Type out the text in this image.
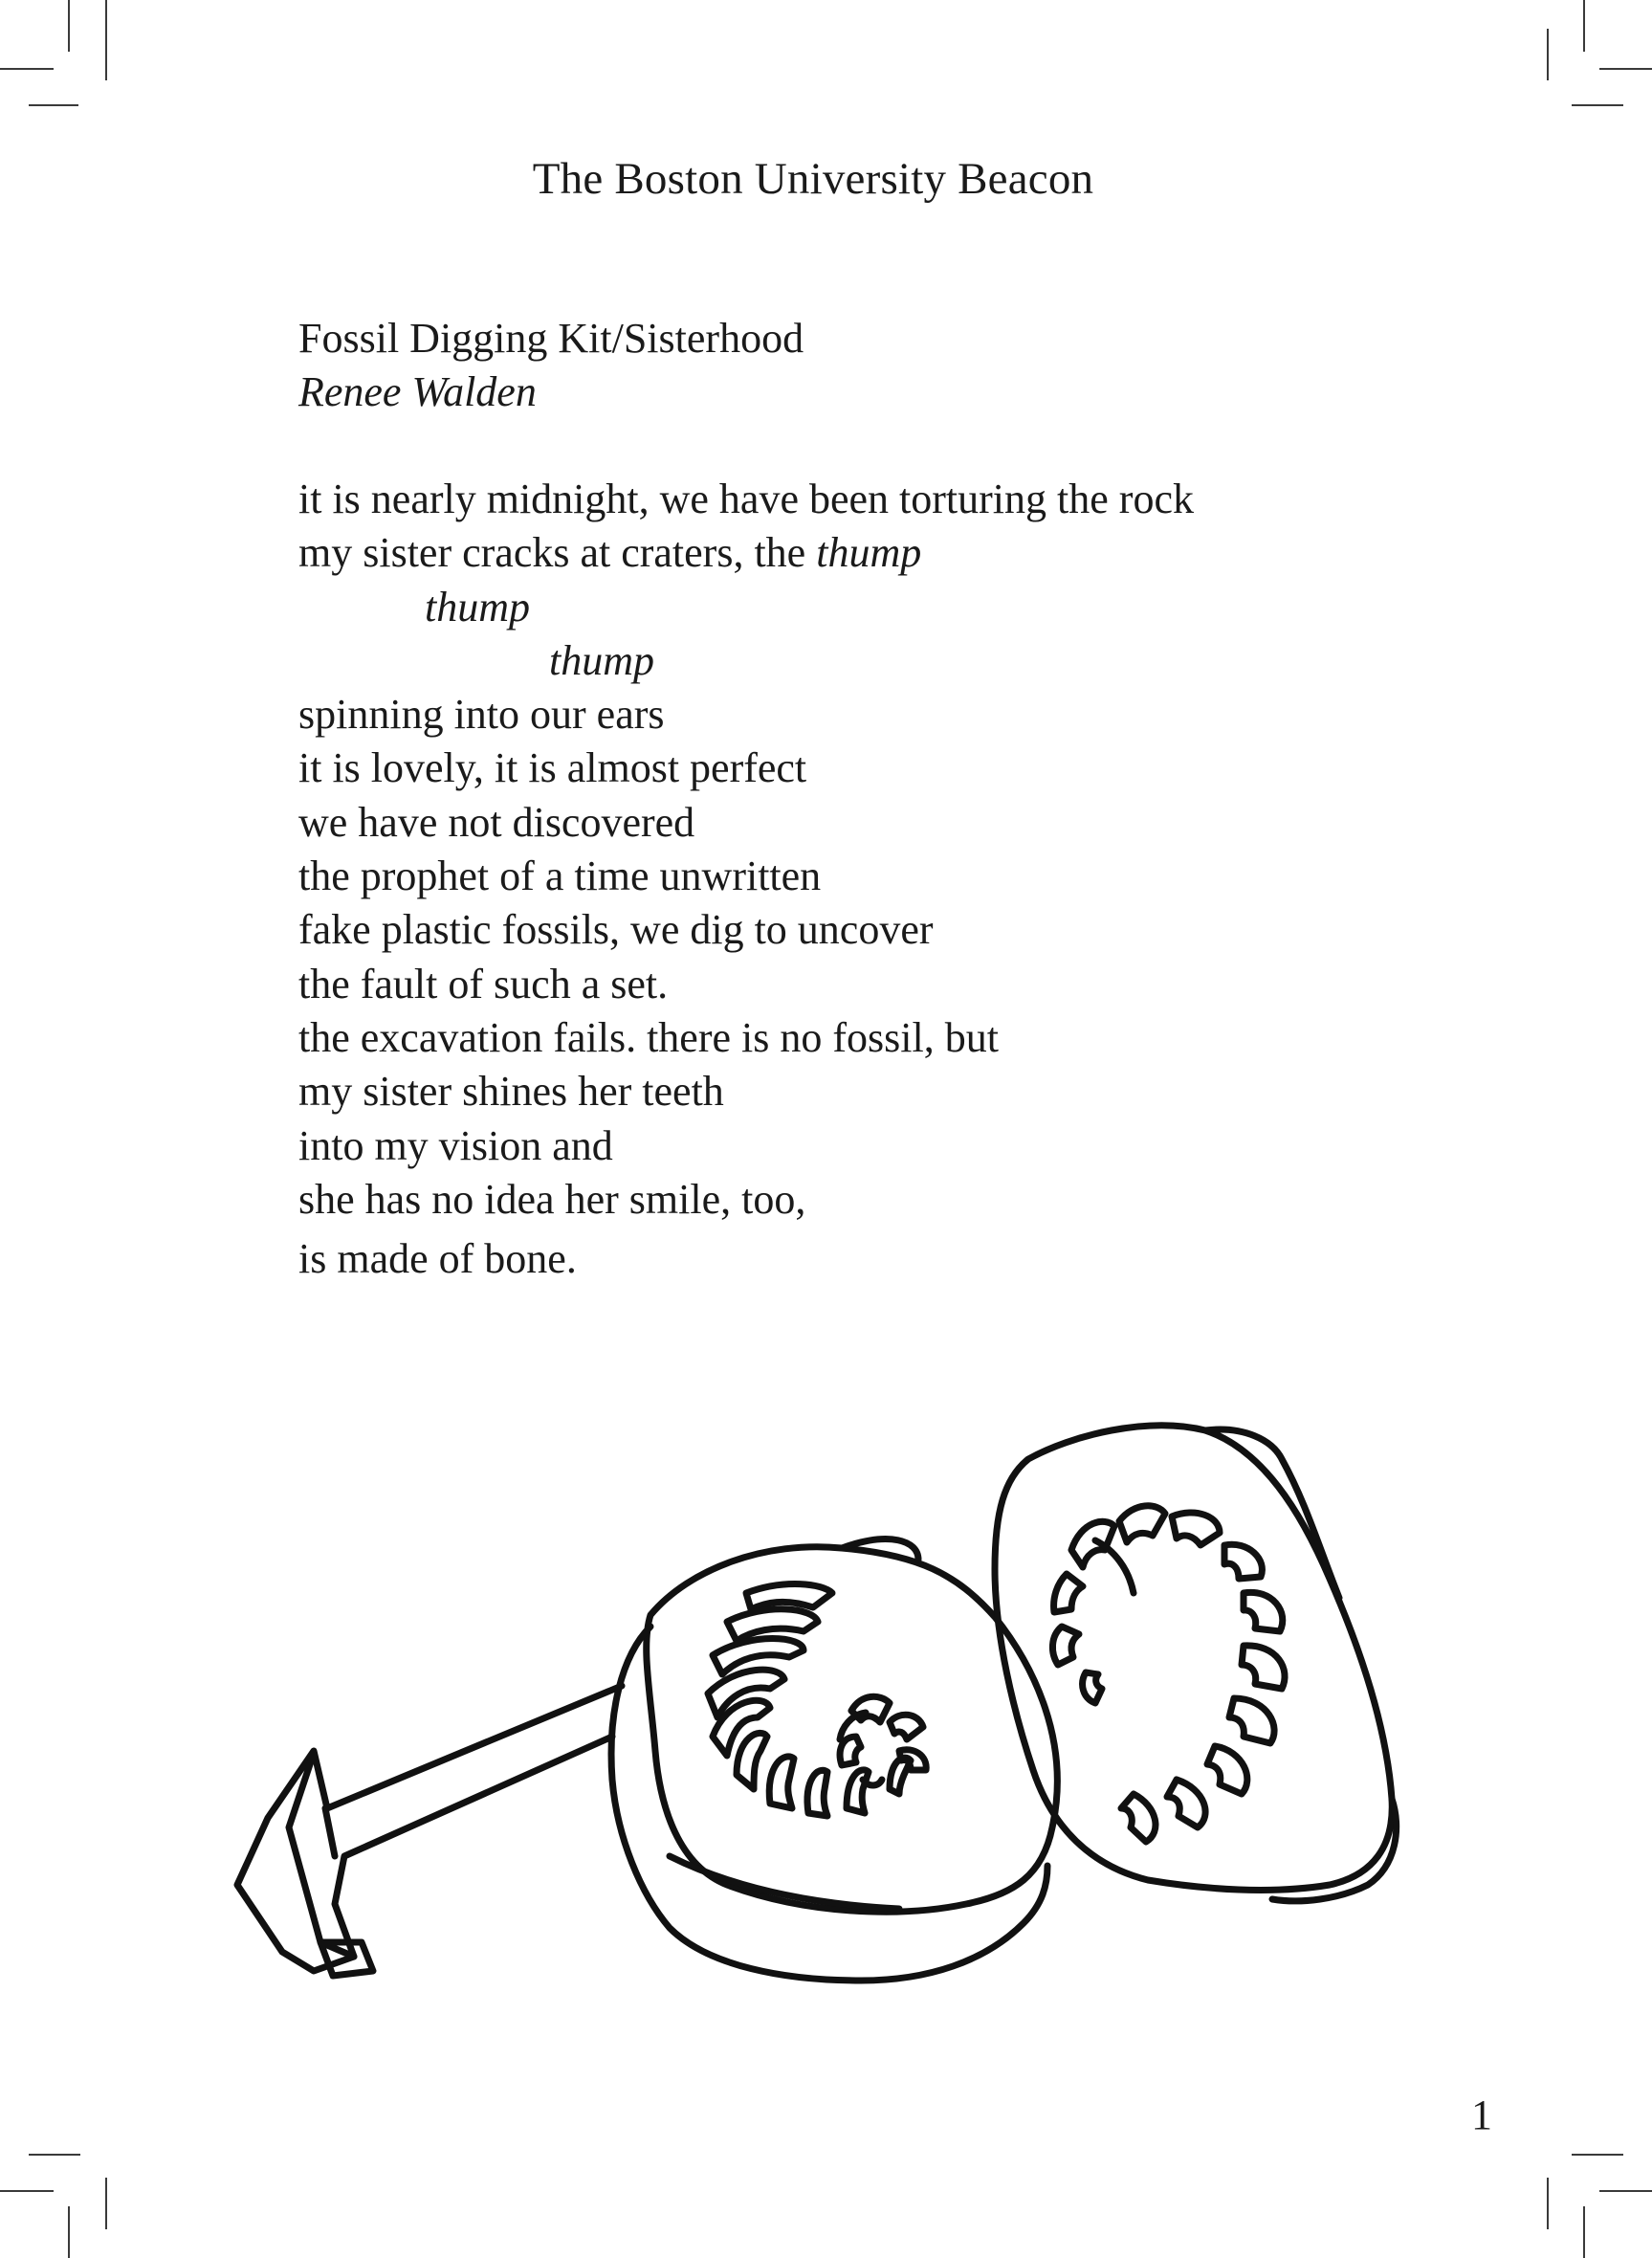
The Boston University Beacon
Fossil Digging Kit/Sisterhood
Renee Walden
it is nearly midnight, we have been torturing the rock
my sister cracks at craters, the thump
thump
thump
spinning into our ears
it is lovely, it is almost perfect
we have not discovered
the prophet of a time unwritten
fake plastic fossils, we dig to uncover
the fault of such a set.
the excavation fails. there is no fossil, but
my sister shines her teeth
into my vision and
she has no idea her smile, too,
is made of bone.
1
